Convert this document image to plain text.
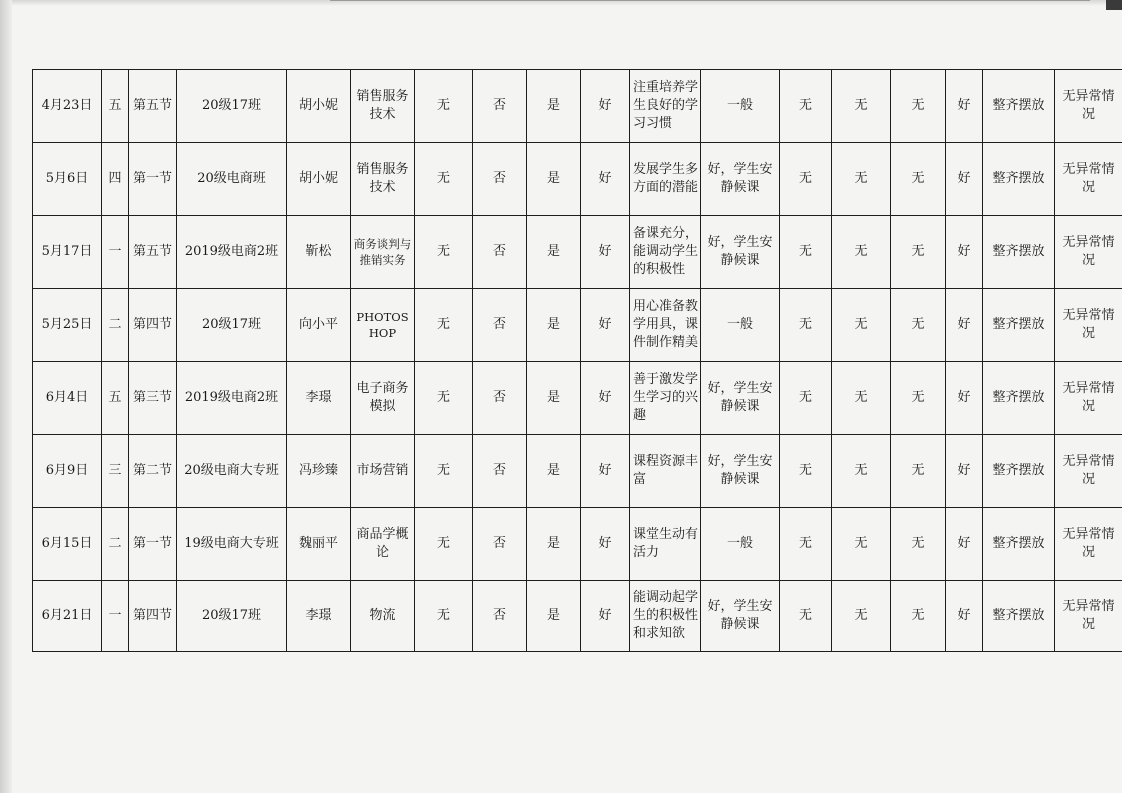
4月23日	五	第五节	20级17班	胡小妮	销售服务技术	无	否	是	好	注重培养学生良好的学习习惯	一般	无	无	无	好	整齐摆放	无异常情况
5月6日	四	第一节	20级电商班	胡小妮	销售服务技术	无	否	是	好	发展学生多方面的潜能	好，学生安静候课	无	无	无	好	整齐摆放	无异常情况
5月17日	一	第五节	2019级电商2班	靳松	商务谈判与推销实务	无	否	是	好	备课充分，能调动学生的积极性	好，学生安静候课	无	无	无	好	整齐摆放	无异常情况
5月25日	二	第四节	20级17班	向小平	PHOTOSHOP	无	否	是	好	用心准备教学用具，课件制作精美	一般	无	无	无	好	整齐摆放	无异常情况
6月4日	五	第三节	2019级电商2班	李璟	电子商务模拟	无	否	是	好	善于激发学生学习的兴趣	好，学生安静候课	无	无	无	好	整齐摆放	无异常情况
6月9日	三	第二节	20级电商大专班	冯珍臻	市场营销	无	否	是	好	课程资源丰富	好，学生安静候课	无	无	无	好	整齐摆放	无异常情况
6月15日	二	第一节	19级电商大专班	魏丽平	商品学概论	无	否	是	好	课堂生动有活力	一般	无	无	无	好	整齐摆放	无异常情况
6月21日	一	第四节	20级17班	李璟	物流	无	否	是	好	能调动起学生的积极性和求知欲	好，学生安静候课	无	无	无	好	整齐摆放	无异常情况
